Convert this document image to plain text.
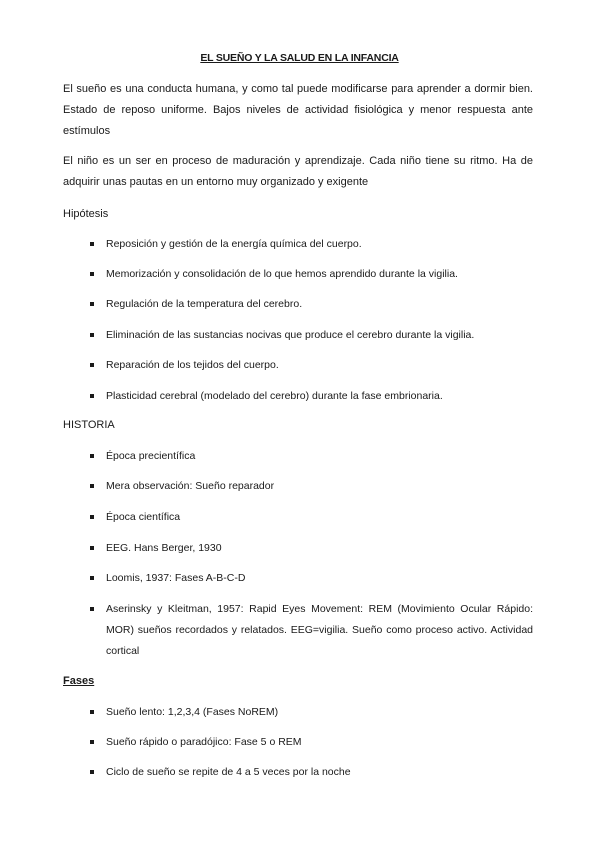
EL SUEÑO Y LA SALUD EN LA INFANCIA
El sueño es una conducta humana, y como tal puede modificarse para aprender a dormir bien. Estado de reposo uniforme. Bajos niveles de actividad fisiológica y menor respuesta ante estímulos
El niño es un ser en proceso de maduración y aprendizaje. Cada niño tiene su ritmo. Ha de adquirir unas pautas en un entorno muy organizado y exigente
Hipótesis
Reposición y gestión de la energía química del cuerpo.
Memorización y consolidación de lo que hemos aprendido durante la vigilia.
Regulación de la temperatura del cerebro.
Eliminación de las sustancias nocivas que produce el cerebro durante la vigilia.
Reparación de los tejidos del cuerpo.
Plasticidad cerebral (modelado del cerebro) durante la fase embrionaria.
HISTORIA
Época precientífica
Mera observación: Sueño reparador
Época científica
EEG. Hans Berger, 1930
Loomis, 1937: Fases A-B-C-D
Aserinsky y Kleitman, 1957: Rapid Eyes Movement: REM (Movimiento Ocular Rápido: MOR) sueños recordados y relatados. EEG=vigilia. Sueño como proceso activo. Actividad cortical
Fases
Sueño lento: 1,2,3,4 (Fases NoREM)
Sueño rápido o paradójico: Fase 5 o REM
Ciclo de sueño se repite de 4 a 5 veces por la noche
